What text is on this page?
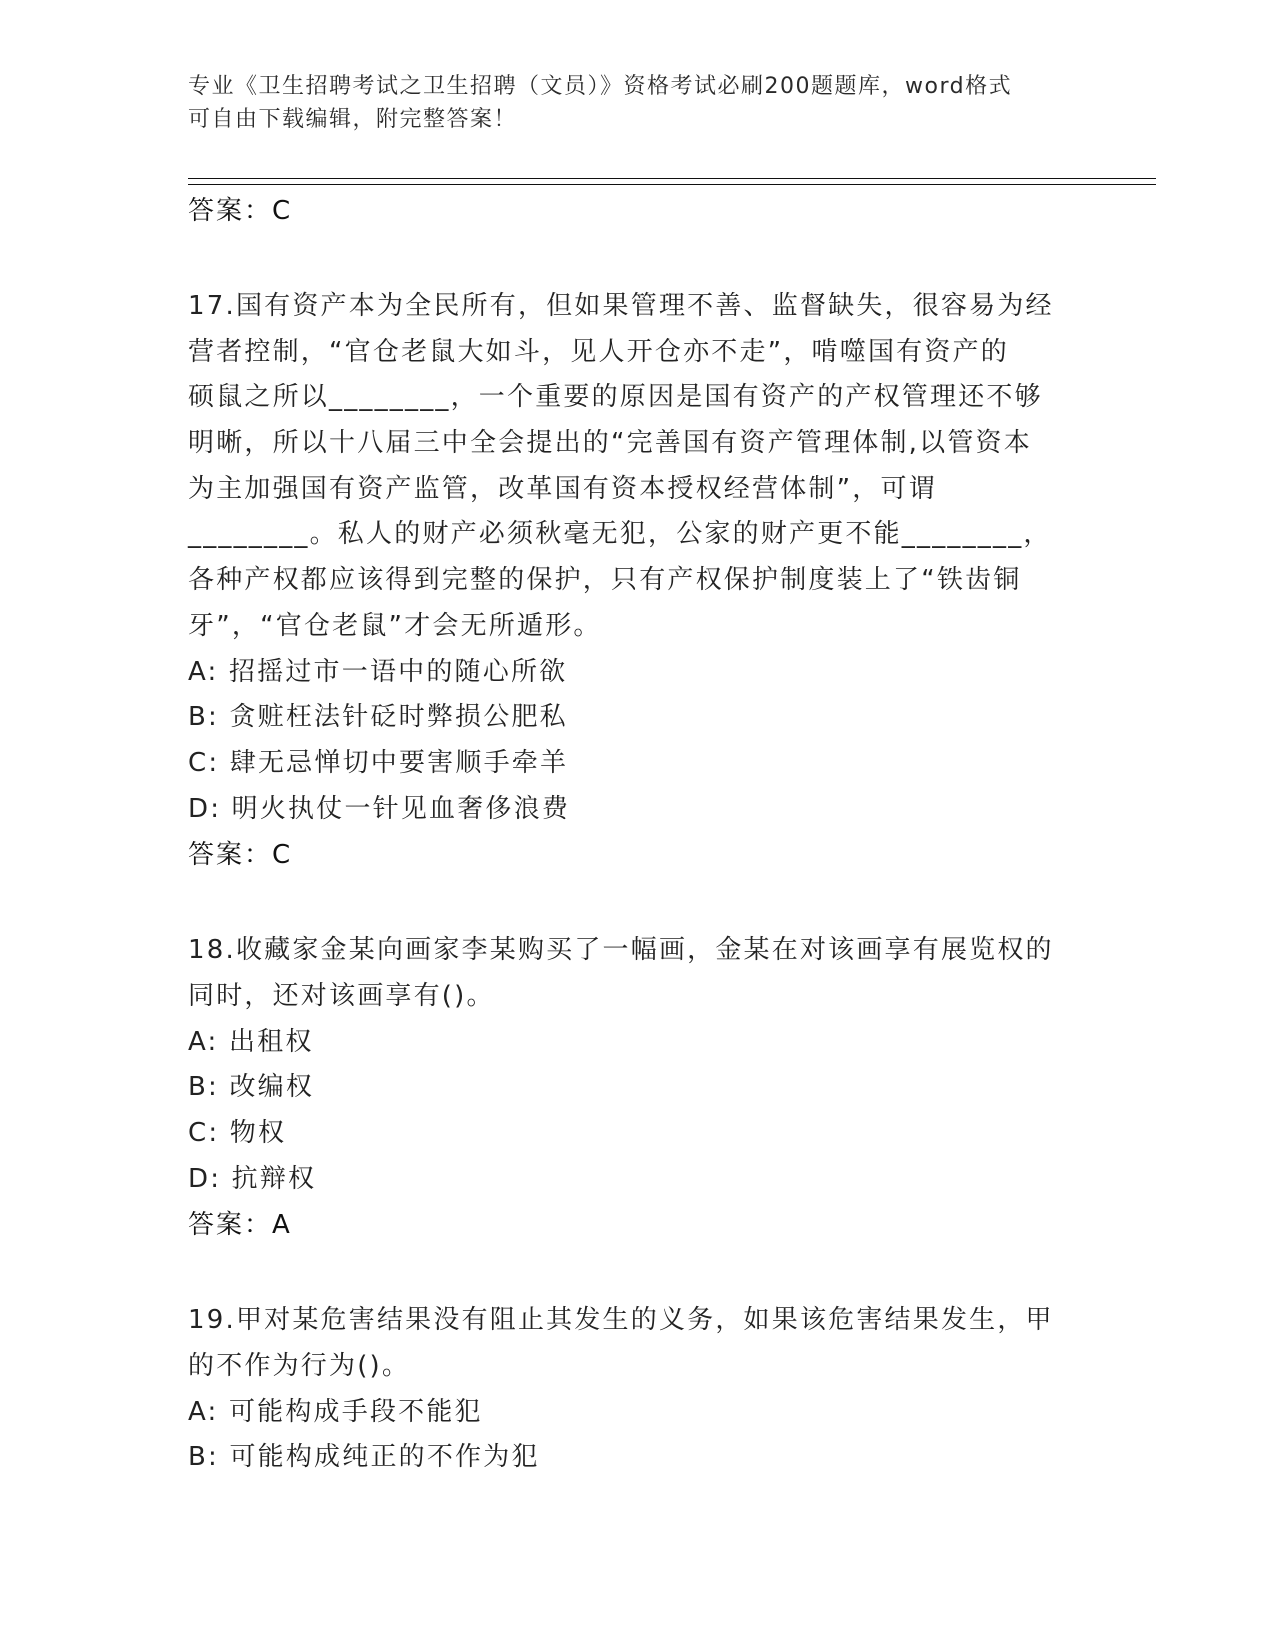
专业《卫生招聘考试之卫生招聘（文员）》资格考试必刷200题题库，word格式
可自由下载编辑，附完整答案！
答案：C
17.国有资产本为全民所有，但如果管理不善、监督缺失，很容易为经
营者控制，“官仓老鼠大如斗，见人开仓亦不走”，啃噬国有资产的
硕鼠之所以________，一个重要的原因是国有资产的产权管理还不够
明晰，所以十八届三中全会提出的“完善国有资产管理体制,以管资本
为主加强国有资产监管，改革国有资本授权经营体制”，可谓
________。私人的财产必须秋毫无犯，公家的财产更不能________，
各种产权都应该得到完整的保护，只有产权保护制度装上了“铁齿铜
牙”，“官仓老鼠”才会无所遁形。
A: 招摇过市一语中的随心所欲
B: 贪赃枉法针砭时弊损公肥私
C: 肆无忌惮切中要害顺手牵羊
D: 明火执仗一针见血奢侈浪费
答案：C
18.收藏家金某向画家李某购买了一幅画，金某在对该画享有展览权的
同时，还对该画享有()。
A: 出租权
B: 改编权
C: 物权
D: 抗辩权
答案：A
19.甲对某危害结果没有阻止其发生的义务，如果该危害结果发生，甲
的不作为行为()。
A: 可能构成手段不能犯
B: 可能构成纯正的不作为犯
